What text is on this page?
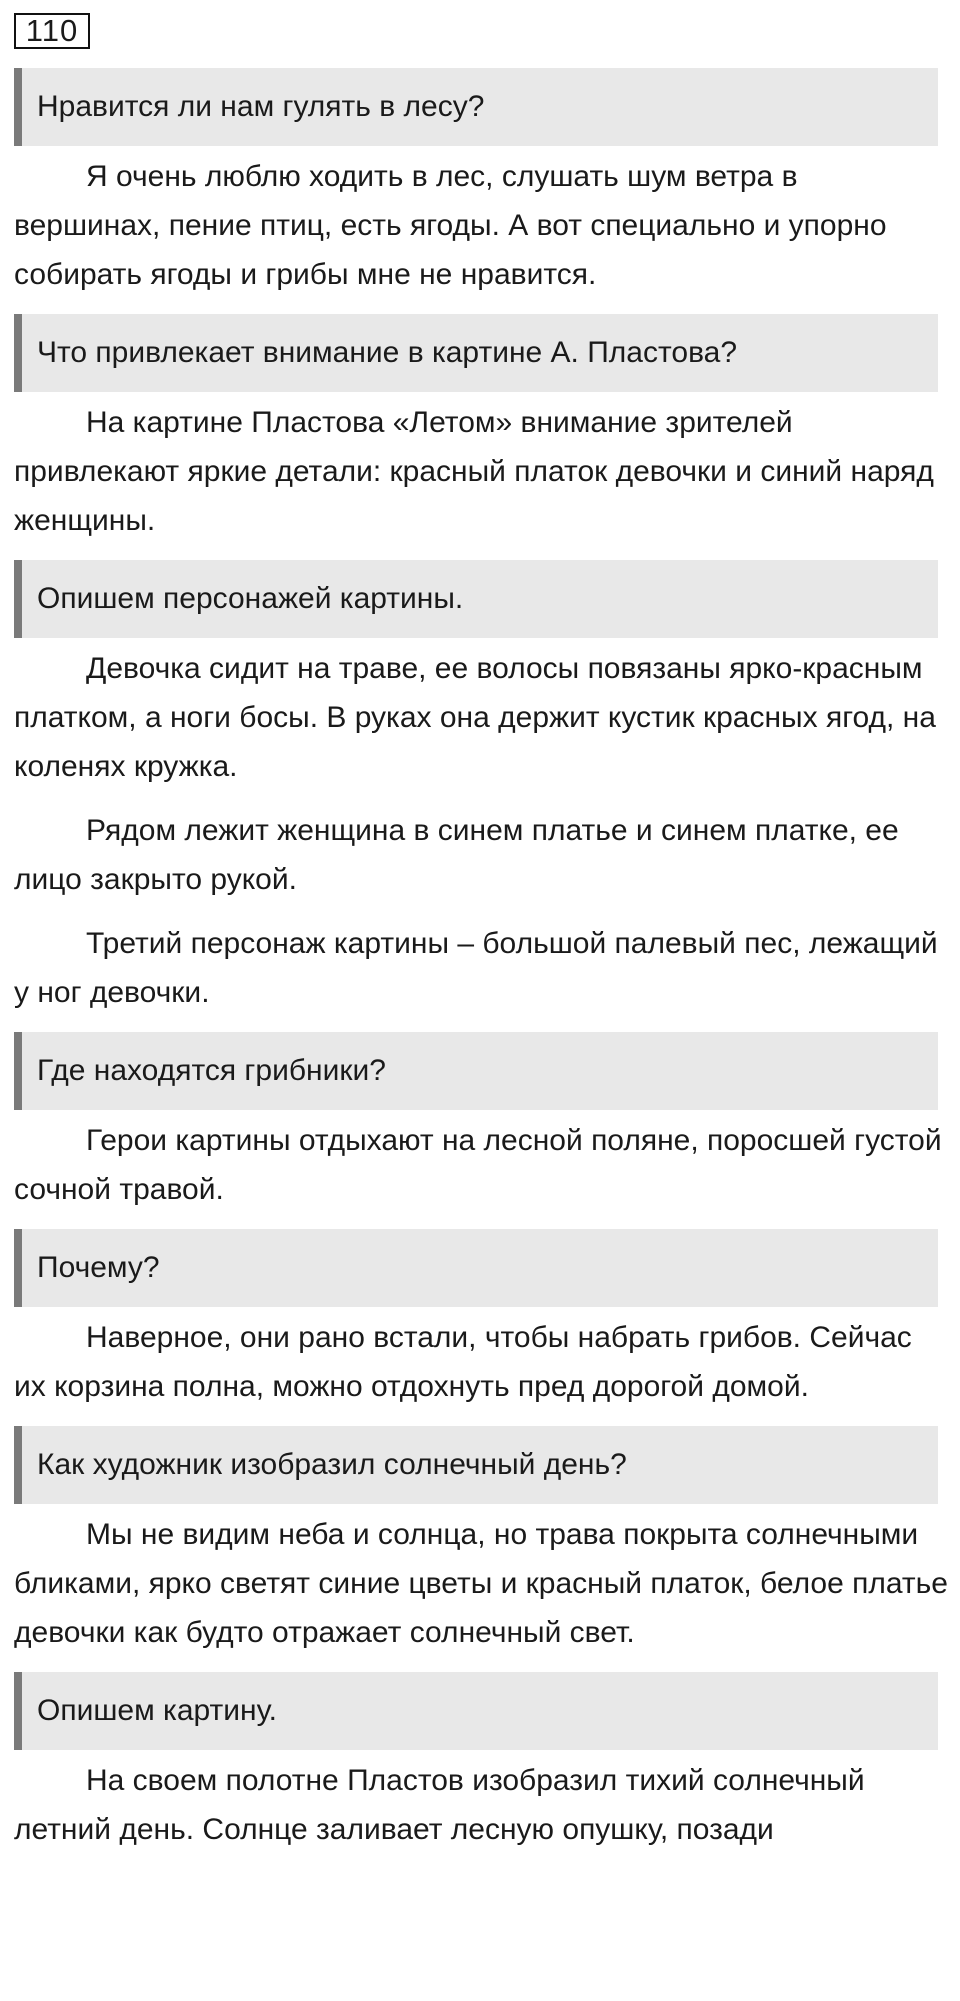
110
Нравится ли нам гулять в лесу?

Я очень люблю ходить в лес, слушать шум ветра в вершинах, пение птиц, есть ягоды. А вот специально и упорно собирать ягоды и грибы мне не нравится.

Что привлекает внимание в картине А. Пластова?

На картине Пластова «Летом» внимание зрителей привлекают яркие детали: красный платок девочки и синий наряд женщины.

Опишем персонажей картины.

Девочка сидит на траве, ее волосы повязаны ярко-красным платком, а ноги босы. В руках она держит кустик красных ягод, на коленях кружка.

Рядом лежит женщина в синем платье и синем платке, ее лицо закрыто рукой.

Третий персонаж картины – большой палевый пес, лежащий у ног девочки.

Где находятся грибники?

Герои картины отдыхают на лесной поляне, поросшей густой сочной травой.

Почему?

Наверное, они рано встали, чтобы набрать грибов. Сейчас их корзина полна, можно отдохнуть пред дорогой домой.

Как художник изобразил солнечный день?

Мы не видим неба и солнца, но трава покрыта солнечными бликами, ярко светят синие цветы и красный платок, белое платье девочки как будто отражает солнечный свет.

Опишем картину.

На своем полотне Пластов изобразил тихий солнечный летний день. Солнце заливает лесную опушку, позади
